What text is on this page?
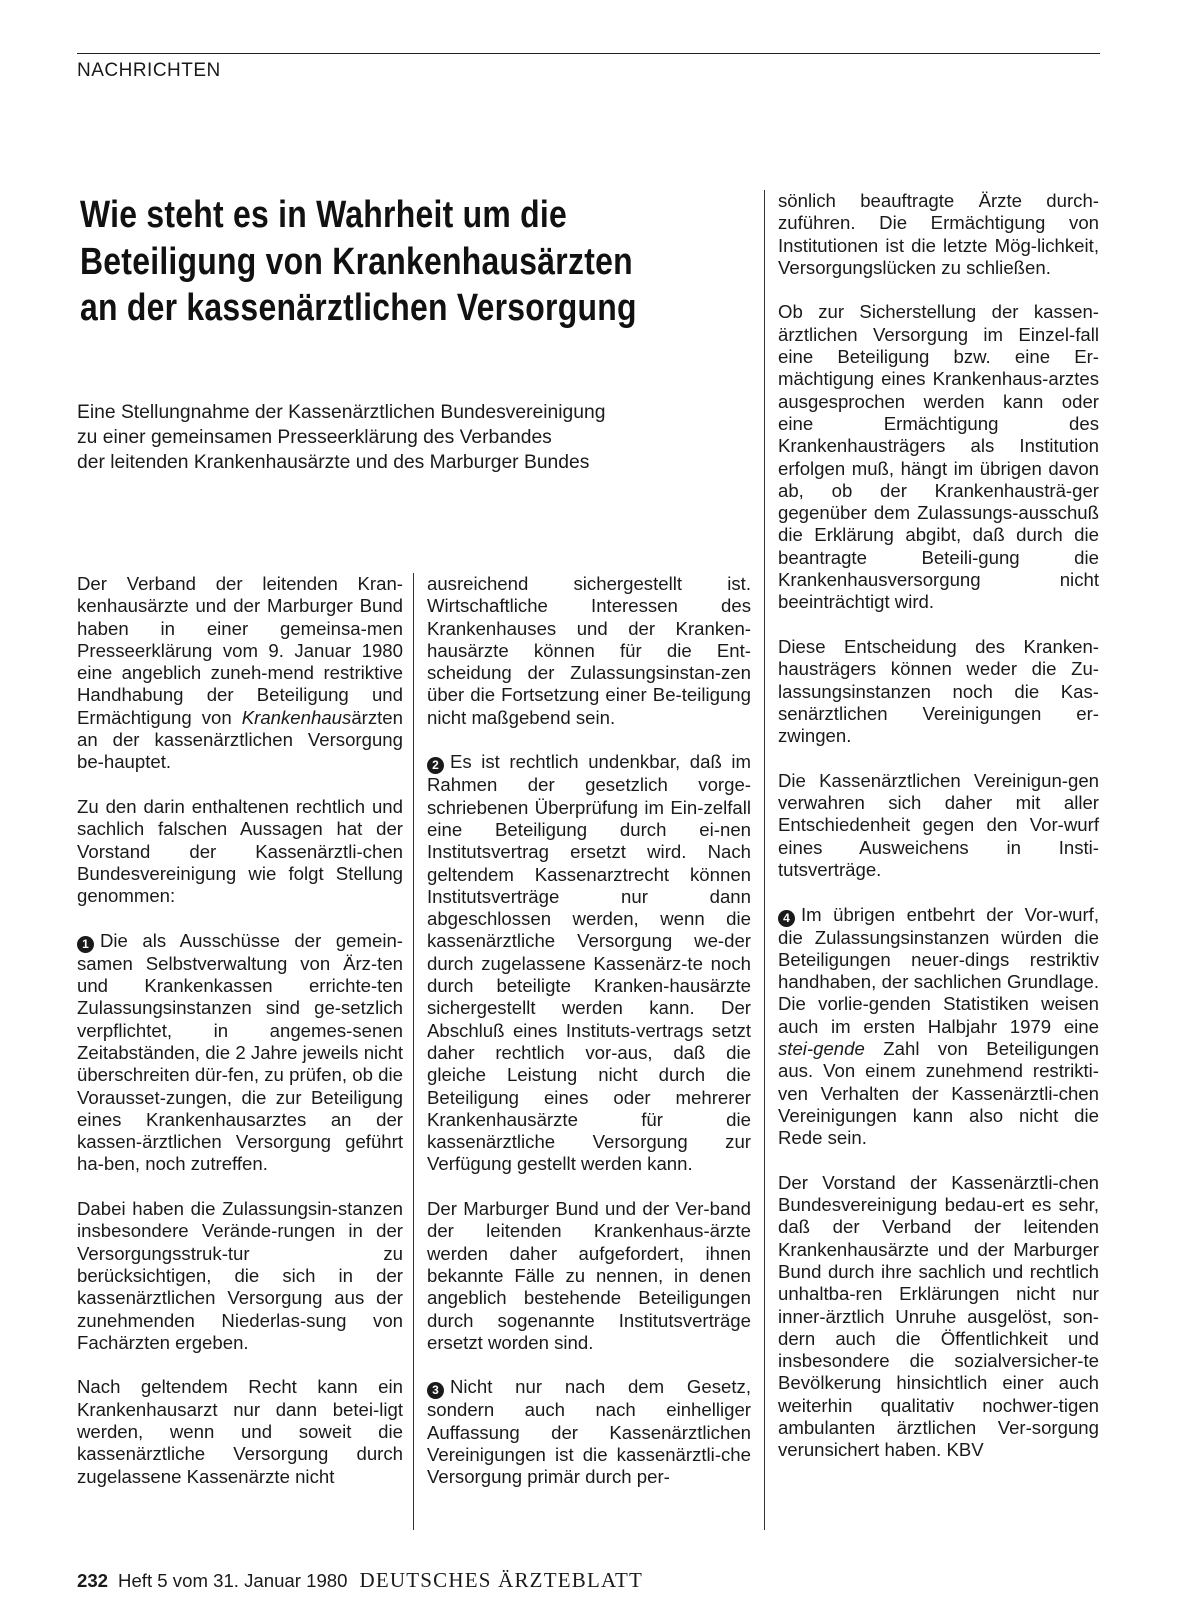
NACHRICHTEN
Wie steht es in Wahrheit um die
Beteiligung von Krankenhausärzten
an der kassenärztlichen Versorgung
Eine Stellungnahme der Kassenärztlichen Bundesvereinigung
zu einer gemeinsamen Presseerklärung des Verbandes
der leitenden Krankenhausärzte und des Marburger Bundes

Der Verband der leitenden Kran-kenhausärzte und der Marburger Bund haben in einer gemeinsa-men Presseerklärung vom 9. Januar 1980 eine angeblich zuneh-mend restriktive Handhabung der Beteiligung und Ermächtigung von Krankenhausärzten an der kassenärztlichen Versorgung be-hauptet.

Zu den darin enthaltenen rechtlich und sachlich falschen Aussagen hat der Vorstand der Kassenärztli-chen Bundesvereinigung wie folgt Stellung genommen:

1 Die als Ausschüsse der gemein-samen Selbstverwaltung von Ärz-ten und Krankenkassen errichte-ten Zulassungsinstanzen sind ge-setzlich verpflichtet, in angemes-senen Zeitabständen, die 2 Jahre jeweils nicht überschreiten dür-fen, zu prüfen, ob die Vorausset-zungen, die zur Beteiligung eines Krankenhausarztes an der kassen-ärztlichen Versorgung geführt ha-ben, noch zutreffen.

Dabei haben die Zulassungsin-stanzen insbesondere Verände-rungen in der Versorgungsstruk-tur zu berücksichtigen, die sich in der kassenärztlichen Versorgung aus der zunehmenden Niederlas-sung von Fachärzten ergeben.

Nach geltendem Recht kann ein Krankenhausarzt nur dann betei-ligt werden, wenn und soweit die kassenärztliche Versorgung durch zugelassene Kassenärzte nicht

ausreichend sichergestellt ist. Wirtschaftliche Interessen des Krankenhauses und der Kranken-hausärzte können für die Ent-scheidung der Zulassungsinstan-zen über die Fortsetzung einer Be-teiligung nicht maßgebend sein.

2 Es ist rechtlich undenkbar, daß im Rahmen der gesetzlich vorge-schriebenen Überprüfung im Ein-zelfall eine Beteiligung durch ei-nen Institutsvertrag ersetzt wird. Nach geltendem Kassenarztrecht können Institutsverträge nur dann abgeschlossen werden, wenn die kassenärztliche Versorgung we-der durch zugelassene Kassenärz-te noch durch beteiligte Kranken-hausärzte sichergestellt werden kann. Der Abschluß eines Instituts-vertrags setzt daher rechtlich vor-aus, daß die gleiche Leistung nicht durch die Beteiligung eines oder mehrerer Krankenhausärzte für die kassenärztliche Versorgung zur Verfügung gestellt werden kann.

Der Marburger Bund und der Ver-band der leitenden Krankenhaus-ärzte werden daher aufgefordert, ihnen bekannte Fälle zu nennen, in denen angeblich bestehende Beteiligungen durch sogenannte Institutsverträge ersetzt worden sind.

3 Nicht nur nach dem Gesetz, sondern auch nach einhelliger Auffassung der Kassenärztlichen Vereinigungen ist die kassenärztli-che Versorgung primär durch per-

sönlich beauftragte Ärzte durch-zuführen. Die Ermächtigung von Institutionen ist die letzte Mög-lichkeit, Versorgungslücken zu schließen.

Ob zur Sicherstellung der kassen-ärztlichen Versorgung im Einzel-fall eine Beteiligung bzw. eine Er-mächtigung eines Krankenhaus-arztes ausgesprochen werden kann oder eine Ermächtigung des Krankenhausträgers als Institution erfolgen muß, hängt im übrigen davon ab, ob der Krankenhausträ-ger gegenüber dem Zulassungs-ausschuß die Erklärung abgibt, daß durch die beantragte Beteili-gung die Krankenhausversorgung nicht beeinträchtigt wird.

Diese Entscheidung des Kranken-hausträgers können weder die Zu-lassungsinstanzen noch die Kas-senärztlichen Vereinigungen er-zwingen.

Die Kassenärztlichen Vereinigun-gen verwahren sich daher mit aller Entschiedenheit gegen den Vor-wurf eines Ausweichens in Insti-tutsverträge.

4 Im übrigen entbehrt der Vor-wurf, die Zulassungsinstanzen würden die Beteiligungen neuer-dings restriktiv handhaben, der sachlichen Grundlage. Die vorlie-genden Statistiken weisen auch im ersten Halbjahr 1979 eine stei-gende Zahl von Beteiligungen aus. Von einem zunehmend restrikti-ven Verhalten der Kassenärztli-chen Vereinigungen kann also nicht die Rede sein.

Der Vorstand der Kassenärztli-chen Bundesvereinigung bedau-ert es sehr, daß der Verband der leitenden Krankenhausärzte und der Marburger Bund durch ihre sachlich und rechtlich unhaltba-ren Erklärungen nicht nur inner-ärztlich Unruhe ausgelöst, son-dern auch die Öffentlichkeit und insbesondere die sozialversicher-te Bevölkerung hinsichtlich einer auch weiterhin qualitativ nochwer-tigen ambulanten ärztlichen Ver-sorgung verunsichert haben. KBV

232 Heft 5 vom 31. Januar 1980 DEUTSCHES ÄRZTEBLATT
